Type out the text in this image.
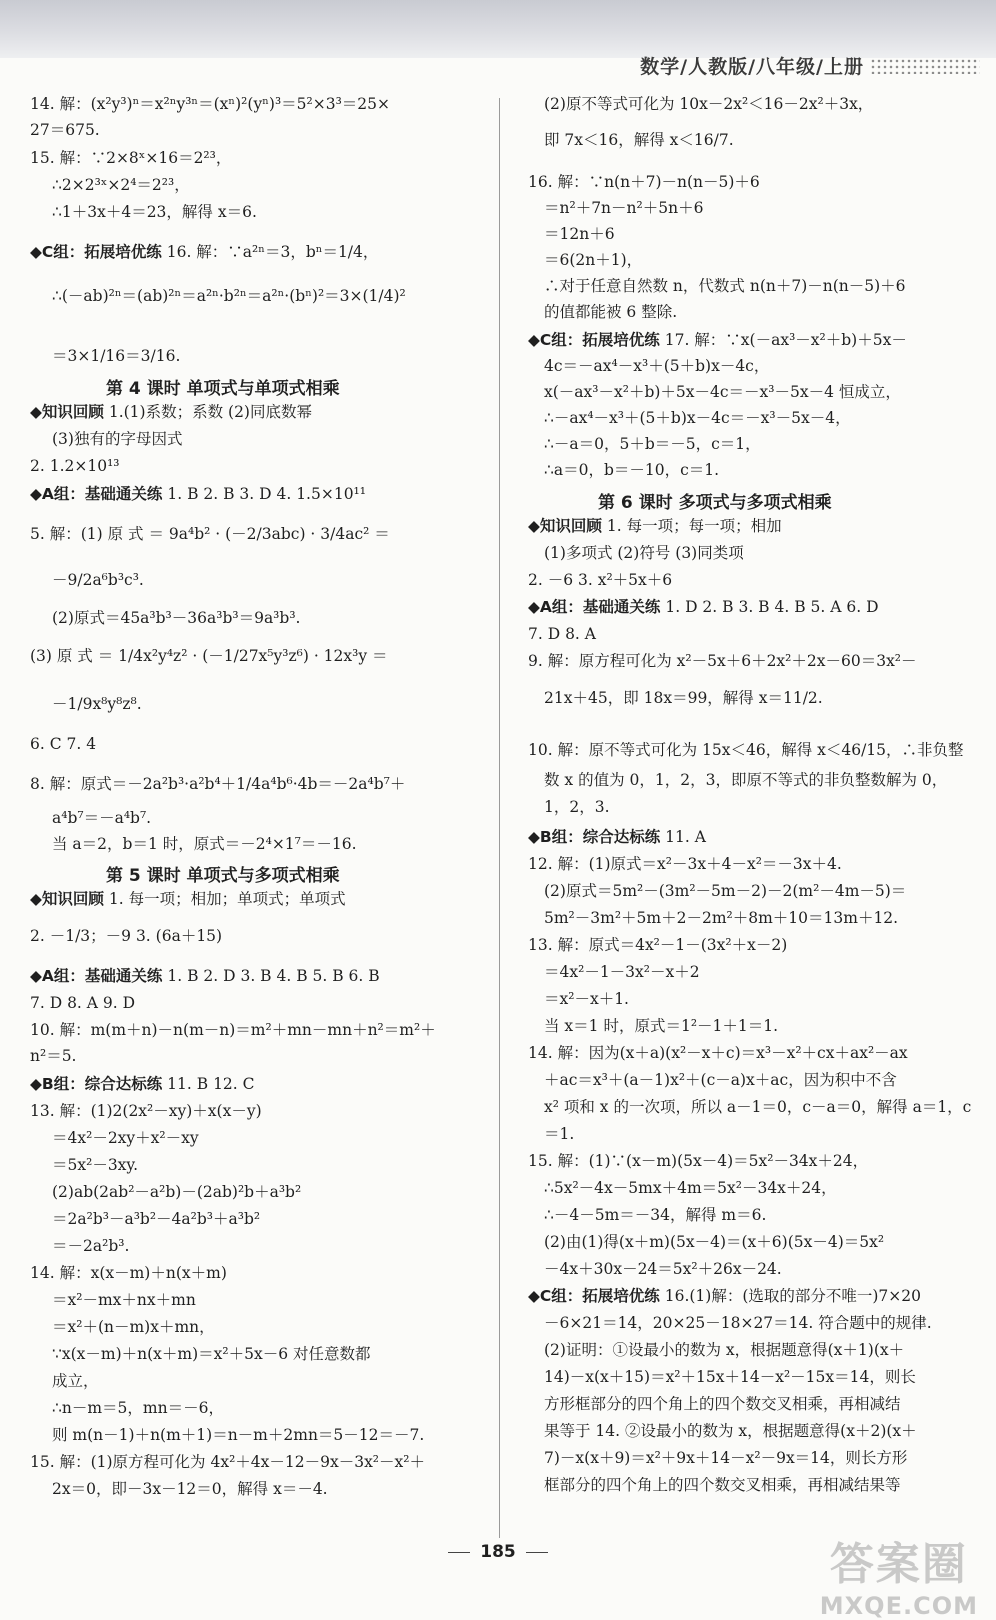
数学/人教版/八年级/上册
14. 解：(x²y³)ⁿ＝x²ⁿy³ⁿ＝(xⁿ)²(yⁿ)³＝5²×3³＝25×
27＝675.
15. 解：∵2×8ˣ×16＝2²³，
∴2×2³ˣ×2⁴＝2²³，
∴1＋3x＋4＝23，解得 x＝6.
◆C组：拓展培优练 16. 解：∵a²ⁿ＝3，bⁿ＝1/4，
∴(－ab)²ⁿ＝(ab)²ⁿ＝a²ⁿ·b²ⁿ＝a²ⁿ·(bⁿ)²＝3×(1/4)²
＝3×1/16＝3/16.
◆知识回顾 1.(1)系数；系数 (2)同底数幂
(3)独有的字母因式
2. 1.2×10¹³
◆A组：基础通关练 1. B 2. B 3. D 4. 1.5×10¹¹
5. 解：(1) 原 式 ＝ 9a⁴b² · (－2/3abc) · 3/4ac² ＝
－9/2a⁶b³c³.
(2)原式＝45a³b³－36a³b³＝9a³b³.
(3) 原 式 ＝ 1/4x²y⁴z² · (－1/27x⁵y³z⁶) · 12x³y ＝
－1/9x⁸y⁸z⁸.
6. C 7. 4
8. 解：原式＝－2a²b³·a²b⁴＋1/4a⁴b⁶·4b＝－2a⁴b⁷＋
a⁴b⁷＝－a⁴b⁷.
当 a＝2，b＝1 时，原式＝－2⁴×1⁷＝－16.
◆知识回顾 1. 每一项；相加；单项式；单项式
2. －1/3；－9 3. (6a＋15)
◆A组：基础通关练 1. B 2. D 3. B 4. B 5. B 6. B
7. D 8. A 9. D
10. 解：m(m＋n)－n(m－n)＝m²＋mn－mn＋n²＝m²＋
n²＝5.
◆B组：综合达标练 11. B 12. C
13. 解：(1)2(2x²－xy)＋x(x－y)
＝4x²－2xy＋x²－xy
＝5x²－3xy.
(2)ab(2ab²－a²b)－(2ab)²b＋a³b²
＝2a²b³－a³b²－4a²b³＋a³b²
＝－2a²b³.
14. 解：x(x－m)＋n(x＋m)
＝x²－mx＋nx＋mn
＝x²＋(n－m)x＋mn，
∵x(x－m)＋n(x＋m)＝x²＋5x－6 对任意数都
成立，
∴n－m＝5，mn＝－6，
则 m(n－1)＋n(m＋1)＝n－m＋2mn＝5－12＝－7.
15. 解：(1)原方程可化为 4x²＋4x－12－9x－3x²－x²＋
2x＝0，即－3x－12＝0，解得 x＝－4.
第 4 课时 单项式与单项式相乘
第 5 课时 单项式与多项式相乘
(2)原不等式可化为 10x－2x²＜16－2x²＋3x，
即 7x＜16，解得 x＜16/7.
16. 解：∵n(n＋7)－n(n－5)＋6
＝n²＋7n－n²＋5n＋6
＝12n＋6
＝6(2n＋1)，
∴对于任意自然数 n，代数式 n(n＋7)－n(n－5)＋6
的值都能被 6 整除.
◆C组：拓展培优练 17. 解：∵x(－ax³－x²＋b)＋5x－
4c＝－ax⁴－x³＋(5＋b)x－4c，
x(－ax³－x²＋b)＋5x－4c＝－x³－5x－4 恒成立，
∴－ax⁴－x³＋(5＋b)x－4c＝－x³－5x－4，
∴－a＝0，5＋b＝－5，c＝1，
∴a＝0，b＝－10，c＝1.
◆知识回顾 1. 每一项；每一项；相加
(1)多项式 (2)符号 (3)同类项
2. －6 3. x²＋5x＋6
◆A组：基础通关练 1. D 2. B 3. B 4. B 5. A 6. D
7. D 8. A
9. 解：原方程可化为 x²－5x＋6＋2x²＋2x－60＝3x²－
21x＋45，即 18x＝99，解得 x＝11/2.
10. 解：原不等式可化为 15x＜46，解得 x＜46/15，∴非负整
数 x 的值为 0，1，2，3，即原不等式的非负整数解为 0，
1，2，3.
◆B组：综合达标练 11. A
12. 解：(1)原式＝x²－3x＋4－x²＝－3x＋4.
(2)原式＝5m²－(3m²－5m－2)－2(m²－4m－5)＝
5m²－3m²＋5m＋2－2m²＋8m＋10＝13m＋12.
13. 解：原式＝4x²－1－(3x²＋x－2)
＝4x²－1－3x²－x＋2
＝x²－x＋1.
当 x＝1 时，原式＝1²－1＋1＝1.
14. 解：因为(x＋a)(x²－x＋c)＝x³－x²＋cx＋ax²－ax
＋ac＝x³＋(a－1)x²＋(c－a)x＋ac，因为积中不含
x² 项和 x 的一次项，所以 a－1＝0，c－a＝0，解得 a＝1，c
＝1.
15. 解：(1)∵(x－m)(5x－4)＝5x²－34x＋24，
∴5x²－4x－5mx＋4m＝5x²－34x＋24，
∴－4－5m＝－34，解得 m＝6.
(2)由(1)得(x＋m)(5x－4)＝(x＋6)(5x－4)＝5x²
－4x＋30x－24＝5x²＋26x－24.
◆C组：拓展培优练 16.(1)解：(选取的部分不唯一)7×20
－6×21＝14，20×25－18×27＝14. 符合题中的规律.
(2)证明：①设最小的数为 x，根据题意得(x＋1)(x＋
14)－x(x＋15)＝x²＋15x＋14－x²－15x＝14，则长
方形框部分的四个角上的四个数交叉相乘，再相减结
果等于 14. ②设最小的数为 x，根据题意得(x＋2)(x＋
7)－x(x＋9)＝x²＋9x＋14－x²－9x＝14，则长方形
框部分的四个角上的四个数交叉相乘，再相减结果等
第 6 课时 多项式与多项式相乘
185	答案圈
MXQE.COM
